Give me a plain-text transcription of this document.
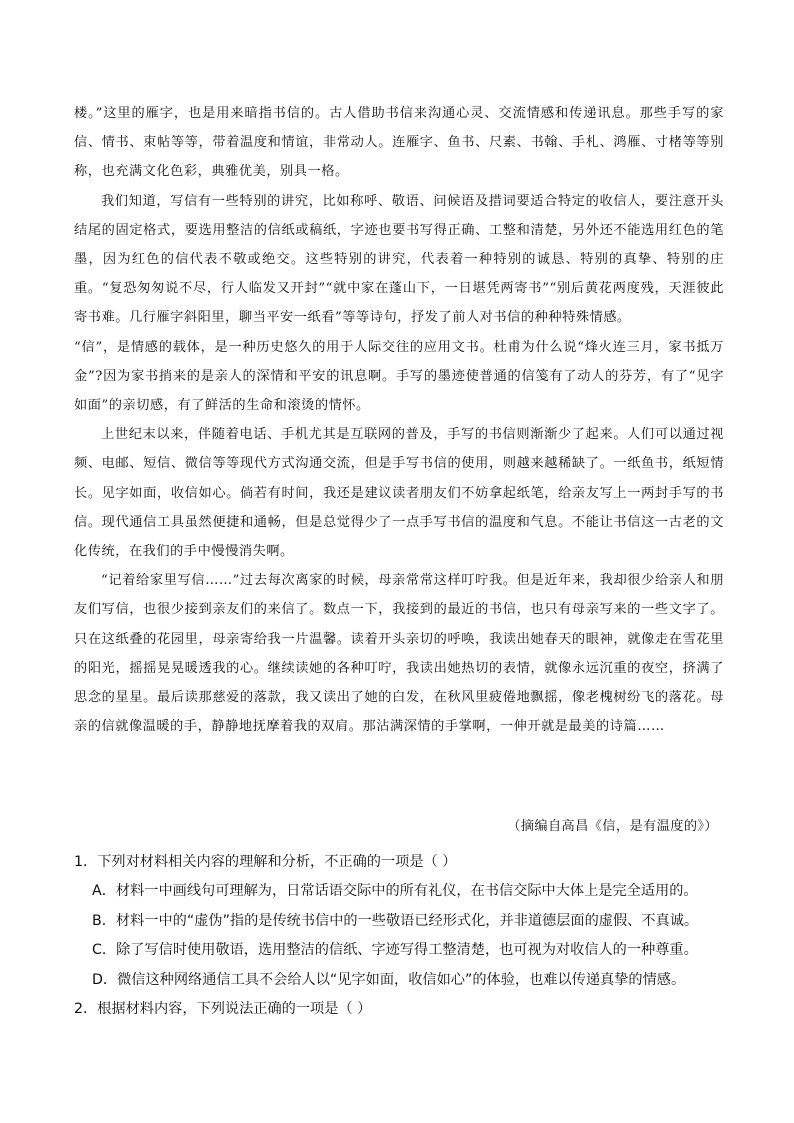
楼。”这里的雁字，也是用来暗指书信的。古人借助书信来沟通心灵、交流情感和传递讯息。那些手写的家信、情书、束帖等等，带着温度和情谊，非常动人。连雁字、鱼书、尺素、书翰、手札、鸿雁、寸楮等等别称，也充满文化色彩，典雅优美，别具一格。

我们知道，写信有一些特别的讲究，比如称呼、敬语、问候语及措词要适合特定的收信人，要注意开头结尾的固定格式，要选用整洁的信纸或稿纸，字迹也要书写得正确、工整和清楚，另外还不能选用红色的笔墨，因为红色的信代表不敬或绝交。这些特别的讲究，代表着一种特别的诚恳、特别的真挚、特别的庄重。“复恐匆匆说不尽，行人临发又开封”“就中家在蓬山下，一日堪凭两寄书”“别后黄花两度残，天涯彼此寄书难。几行雁字斜阳里，聊当平安一纸看”等等诗句，抒发了前人对书信的种种特殊情感。

“信”，是情感的载体，是一种历史悠久的用于人际交往的应用文书。杜甫为什么说“烽火连三月，家书抵万金”?因为家书捎来的是亲人的深情和平安的讯息啊。手写的墨迹使普通的信笺有了动人的芬芳，有了“见字如面”的亲切感，有了鲜活的生命和滚烫的情怀。

上世纪末以来，伴随着电话、手机尤其是互联网的普及，手写的书信则渐渐少了起来。人们可以通过视频、电邮、短信、微信等等现代方式沟通交流，但是手写书信的使用，则越来越稀缺了。一纸鱼书，纸短情长。见字如面，收信如心。倘若有时间，我还是建议读者朋友们不妨拿起纸笔，给亲友写上一两封手写的书信。现代通信工具虽然便捷和通畅，但是总觉得少了一点手写书信的温度和气息。不能让书信这一古老的文化传统，在我们的手中慢慢消失啊。

“记着给家里写信……”过去每次离家的时候，母亲常常这样叮咛我。但是近年来，我却很少给亲人和朋友们写信，也很少接到亲友们的来信了。数点一下，我接到的最近的书信，也只有母亲写来的一些文字了。只在这纸叠的花园里，母亲寄给我一片温馨。读着开头亲切的呼唤，我读出她春天的眼神，就像走在雪花里的阳光，摇摇晃晃暖透我的心。继续读她的各种叮咛，我读出她热切的表情，就像永远沉重的夜空，挤满了思念的星星。最后读那慈爱的落款，我又读出了她的白发，在秋风里疲倦地飘摇，像老槐树纷飞的落花。母亲的信就像温暖的手，静静地抚摩着我的双肩。那沾满深情的手掌啊，一伸开就是最美的诗篇……

（摘编自高昌《信，是有温度的》）
1．下列对材料相关内容的理解和分析，不正确的一项是（ ）
A．材料一中画线句可理解为，日常话语交际中的所有礼仪，在书信交际中大体上是完全适用的。
B．材料一中的“虚伪”指的是传统书信中的一些敬语已经形式化，并非道德层面的虚假、不真诚。
C．除了写信时使用敬语，选用整洁的信纸、字迹写得工整清楚，也可视为对收信人的一种尊重。
D．微信这种网络通信工具不会给人以“见字如面，收信如心”的体验，也难以传递真挚的情感。
2．根据材料内容，下列说法正确的一项是（ ）
